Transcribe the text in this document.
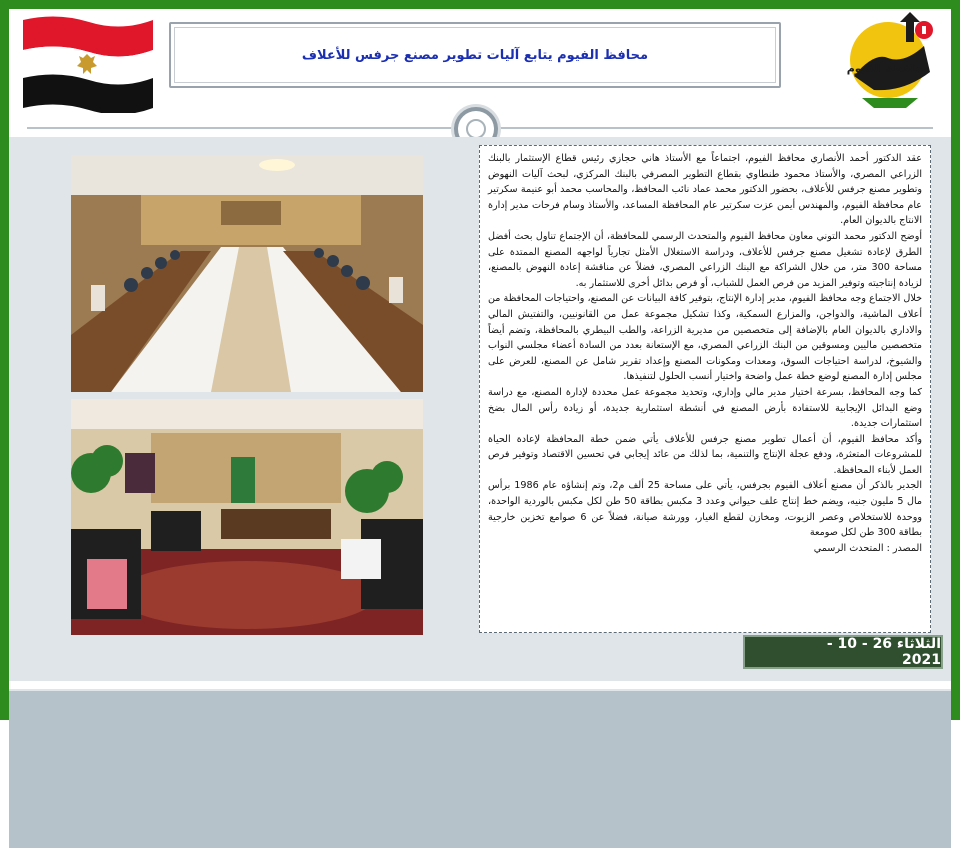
محافظة الفيوم
محافظ الفيوم يتابع آليات تطوير مصنع جرفس للأعلاف

عقد الدكتور أحمد الأنصاري محافظ الفيوم، اجتماعاً مع الأستاذ هاني حجازي رئيس قطاع الإستثمار بالبنك الزراعي المصري، والأستاذ محمود طنطاوي بقطاع التطوير المصرفي بالبنك المركزي، لبحث آليات النهوض وتطوير مصنع جرفس للأعلاف، بحضور الدكتور محمد عماد نائب المحافظ، والمحاسب محمد أبو عنيمة سكرتير عام محافظة الفيوم، والمهندس أيمن عزت سكرتير عام المحافظة المساعد، والأستاذ وسام فرحات مدير إدارة الانتاج بالديوان العام.

أوضح الدكتور محمد التوني معاون محافظ الفيوم والمتحدث الرسمي للمحافظة، أن الإجتماع تناول بحث أفضل الطرق لإعادة تشغيل مصنع جرفس للأعلاف، ودراسة الاستغلال الأمثل تجارياً لواجهه المصنع الممتدة على مساحة 300 متر، من خلال الشراكة مع البنك الزراعي المصري، فضلاً عن مناقشة إعادة النهوض بالمصنع، لزيادة إنتاجيته وتوفير المزيد من فرص العمل للشباب، أو فرص بدائل أخرى للاستثمار به.

خلال الاجتماع وجه محافظ الفيوم، مدير إدارة الإنتاج، بتوفير كافة البيانات عن المصنع، واحتياجات المحافظة من أعلاف الماشية، والدواجن، والمزارع السمكية، وكذا تشكيل مجموعة عمل من القانونيين، والتفتيش المالي والاداري بالديوان العام بالإضافة إلى متخصصين من مديرية الزراعة، والطب البيطري بالمحافظة، وتضم أيضاً متخصصين ماليين ومسوقين من البنك الزراعي المصري، مع الإستعانة بعدد من السادة أعضاء مجلسي النواب والشيوخ، لدراسة احتياجات السوق، ومعدات ومكونات المصنع وإعداد تقرير شامل عن المصنع، للعرض على مجلس إدارة المصنع لوضع خطة عمل واضحة واختيار أنسب الحلول لتنفيذها.

كما وجه المحافظ، بسرعة اختيار مدير مالي وإداري، وتحديد مجموعة عمل محددة لإدارة المصنع، مع دراسة وضع البدائل الإيجابية للاستفادة بأرض المصنع في أنشطة استثمارية جديدة، أو زيادة رأس المال بضخ استثمارات جديدة.

وأكد محافظ الفيوم، أن أعمال تطوير مصنع جرفس للأعلاف يأتي ضمن خطة المحافظة لإعادة الحياة للمشروعات المتعثرة، ودفع عجلة الإنتاج والتنمية، بما لذلك من عائد إيجابي في تحسين الاقتصاد وتوفير فرص العمل لأبناء المحافظة.

الجدير بالذكر أن مصنع أعلاف الفيوم بجرفس، يأتي على مساحة 25 ألف م2، وتم إنشاؤه عام 1986 برأس مال 5 مليون جنيه، ويضم خط إنتاج علف حيواني وعدد 3 مكبس بطاقة 50 طن لكل مكبس بالوردية الواحدة، ووحدة للاستخلاص وعصر الزيوت، ومخازن لقطع الغيار، وورشة صيانة، فضلاً عن 6 صوامع تخزين خارجية بطاقة 300 طن لكل صومعة

المصدر : المتحدث الرسمي

الثلاثاء 26 - 10 - 2021
